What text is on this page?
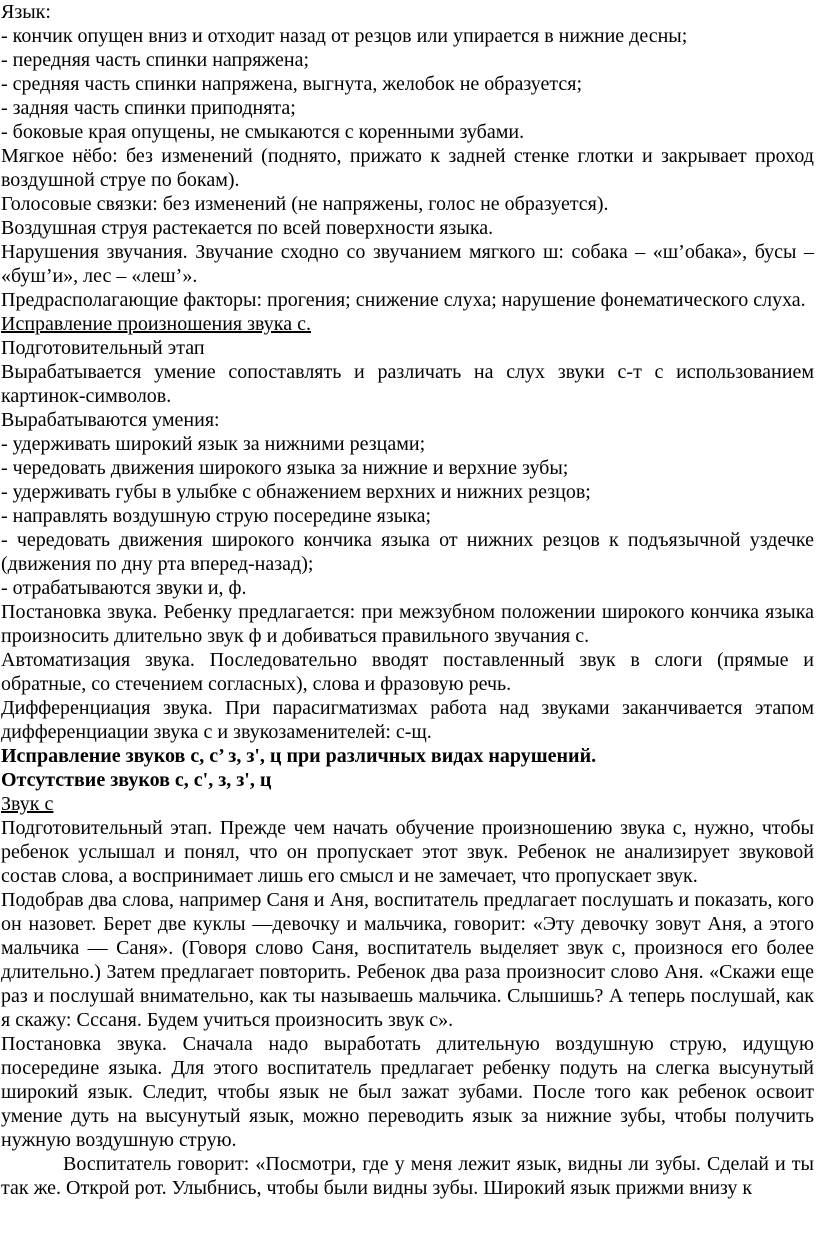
Язык:

- кончик опущен вниз и отходит назад от резцов или упирается в нижние десны;

- передняя часть спинки напряжена;

- средняя часть спинки напряжена, выгнута, желобок не образуется;

- задняя часть спинки приподнята;

- боковые края опущены, не смыкаются с коренными зубами.

Мягкое нёбо: без изменений (поднято, прижато к задней стенке глотки и закрывает проход воздушной струе по бокам).

Голосовые связки: без изменений (не напряжены, голос не образуется).

Воздушная струя растекается по всей поверхности языка.

Нарушения звучания. Звучание сходно со звучанием мягкого ш: собака – «ш’обака», бусы – «буш’и», лес – «леш’».

Предрасполагающие факторы: прогения; снижение слуха; нарушение фонематического слуха.

Исправление произношения звука с.

Подготовительный этап

Вырабатывается умение сопоставлять и различать на слух звуки с-т с использованием картинок-символов.

Вырабатываются умения:

- удерживать широкий язык за нижними резцами;

- чередовать движения широкого языка за нижние и верхние зубы;

- удерживать губы в улыбке с обнажением верхних и нижних резцов;

- направлять воздушную струю посередине языка;

- чередовать движения широкого кончика языка от нижних резцов к подъязычной уздечке (движения по дну рта вперед-назад);

- отрабатываются звуки и, ф.

Постановка звука. Ребенку предлагается: при межзубном положении широкого кончика языка произносить длительно звук ф и добиваться правильного звучания с.

Автоматизация звука. Последовательно вводят поставленный звук в слоги (прямые и обратные, со стечением согласных), слова и фразовую речь.

Дифференциация звука. При парасигматизмах работа над звуками заканчивается этапом дифференциации звука с и звукозаменителей: с-щ.

Исправление звуков с, с’ з, з', ц при различных видах нарушений.

Отсутствие звуков с, с', з, з', ц

Звук с

Подготовительный этап. Прежде чем начать обучение произношению звука с, нужно, чтобы ребенок услышал и понял, что он пропускает этот звук. Ребенок не анализирует звуковой состав слова, а воспринимает лишь его смысл и не замечает, что пропускает звук.

Подобрав два слова, например Саня и Аня, воспитатель предлагает послушать и показать, кого он назовет. Берет две куклы —девочку и мальчика, говорит: «Эту девочку зовут Аня, а этого мальчика — Саня». (Говоря слово Саня, воспитатель выделяет звук с, произнося его более длительно.) Затем предлагает повторить. Ребенок два раза произносит слово Аня. «Скажи еще раз и послушай внимательно, как ты называешь мальчика. Слышишь? А теперь послушай, как я скажу: Сссаня. Будем учиться произносить звук с».

Постановка звука. Сначала надо выработать длительную воздушную струю, идущую посередине языка. Для этого воспитатель предлагает ребенку подуть на слегка высунутый широкий язык. Следит, чтобы язык не был зажат зубами. После того как ребенок освоит умение дуть на высунутый язык, можно переводить язык за нижние зубы, чтобы получить нужную воздушную струю.

Воспитатель говорит: «Посмотри, где у меня лежит язык, видны ли зубы. Сделай и ты так же. Открой рот. Улыбнись, чтобы были видны зубы. Широкий язык прижми внизу к
